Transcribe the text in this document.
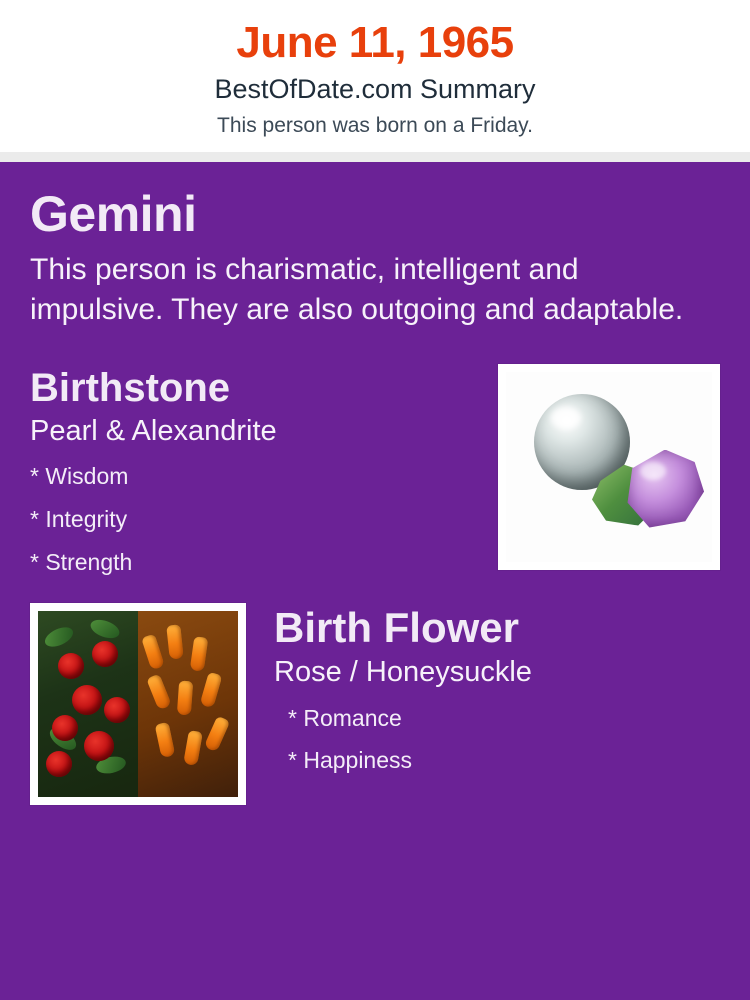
June 11, 1965
BestOfDate.com Summary
This person was born on a Friday.
Gemini
This person is charismatic, intelligent and impulsive. They are also outgoing and adaptable.
Birthstone
Pearl & Alexandrite
* Wisdom
* Integrity
* Strength
Birth Flower
Rose / Honeysuckle
* Romance
* Happiness
